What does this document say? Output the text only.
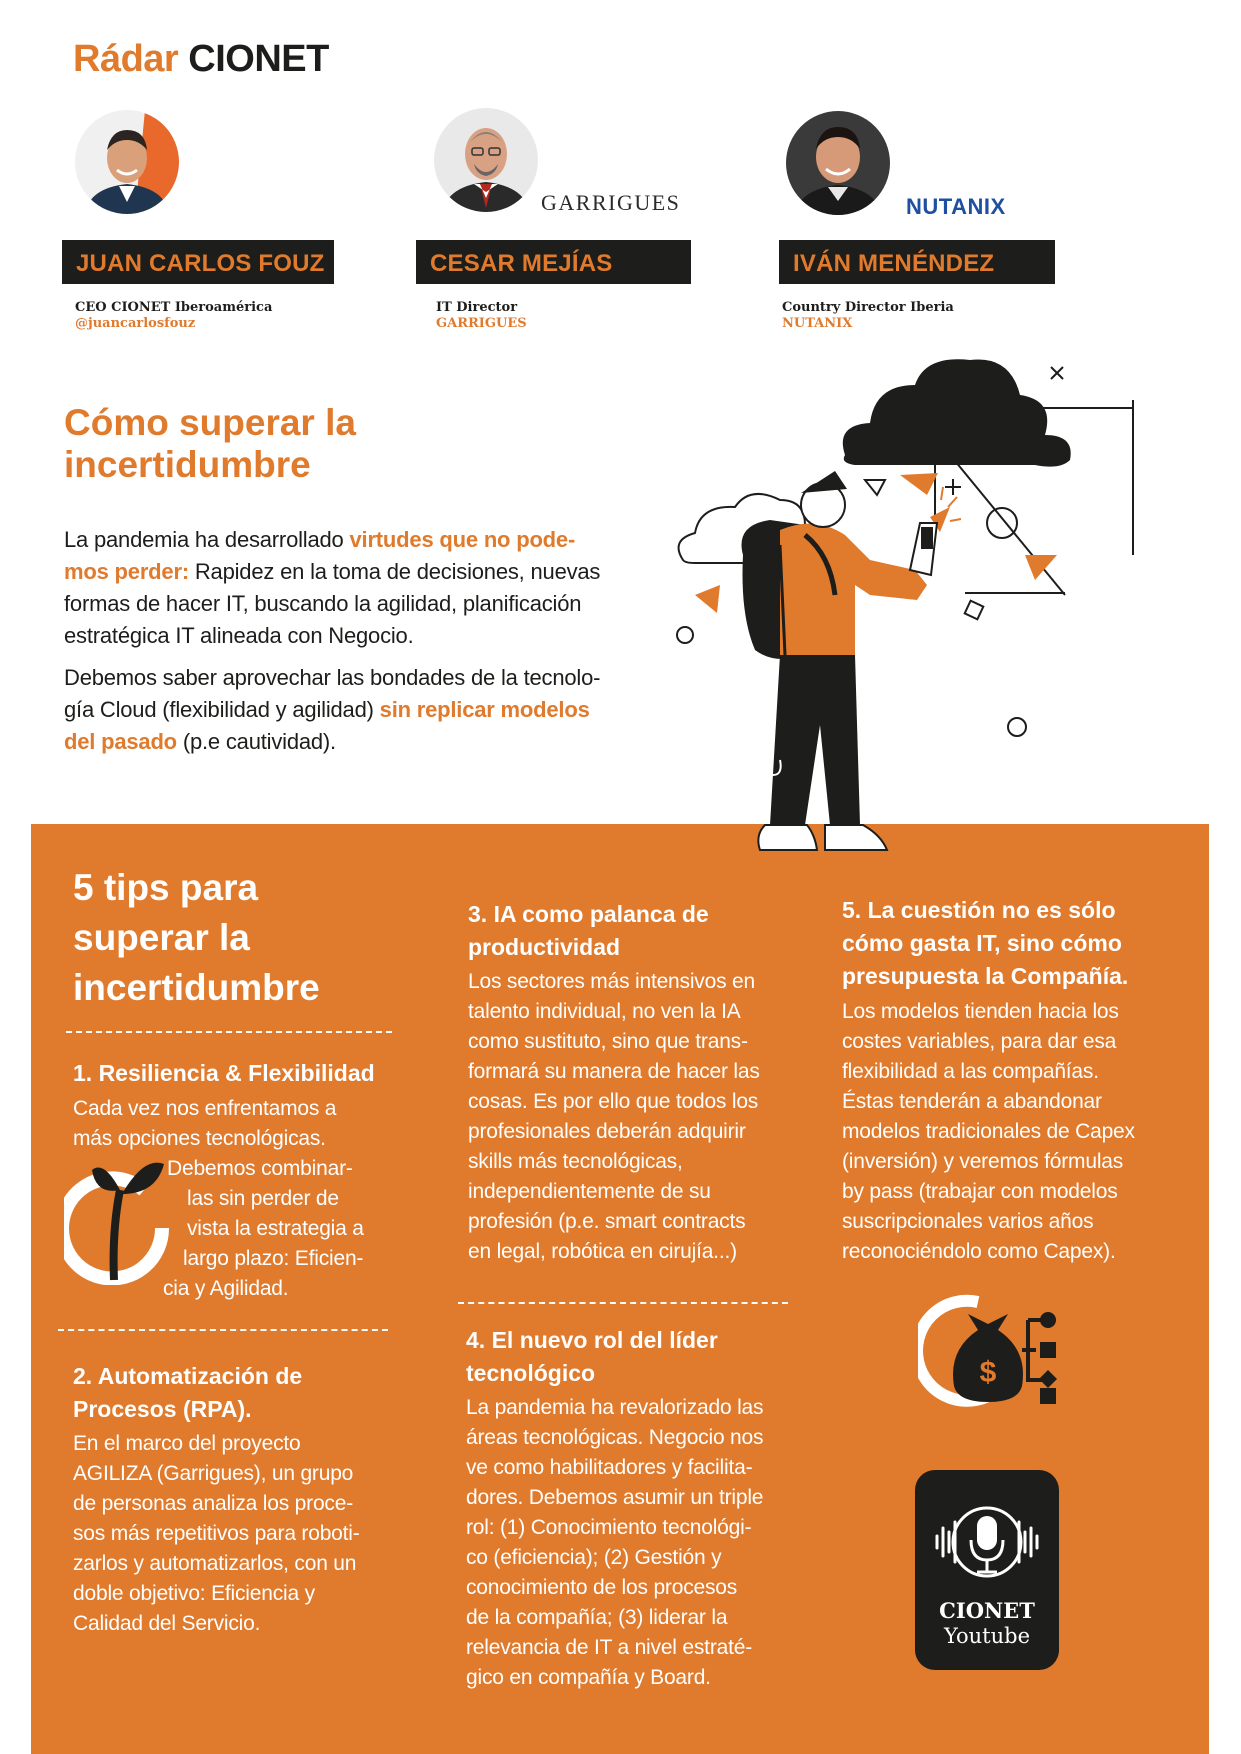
Rádar CIONET
JUAN CARLOS FOUZ
CEO CIONET Iberoamérica
@juancarlosfouz
GARRIGUES
CESAR MEJÍAS
IT Director
GARRIGUES
NUTANIX
IVÁN MENÉNDEZ
Country Director Iberia
NUTANIX
Cómo superar la
incertidumbre
La pandemia ha desarrollado virtudes que no pode-
mos perder: Rapidez en la toma de decisiones, nuevas
formas de hacer IT, buscando la agilidad, planificación
estratégica IT alineada con Negocio.
Debemos saber aprovechar las bondades de la tecnolo-
gía Cloud (flexibilidad y agilidad) sin replicar modelos
del pasado (p.e cautividad).
5 tips para
superar la
incertidumbre
1. Resiliencia & Flexibilidad
Cada vez nos enfrentamos a
más opciones tecnológicas.
Debemos combinar-
las sin perder de
vista la estrategia a
largo plazo: Eficien-
cia y Agilidad.
2. Automatización de
Procesos (RPA).
En el marco del proyecto
AGILIZA (Garrigues), un grupo
de personas analiza los proce-
sos más repetitivos para roboti-
zarlos y automatizarlos, con un
doble objetivo: Eficiencia y
Calidad del Servicio.
3. IA como palanca de
productividad
Los sectores más intensivos en
talento individual, no ven la IA
como sustituto, sino que trans-
formará su manera de hacer las
cosas. Es por ello que todos los
profesionales deberán adquirir
skills más tecnológicas,
independientemente de su
profesión (p.e. smart contracts
en legal, robótica en cirujía...)
4. El nuevo rol del líder
tecnológico
La pandemia ha revalorizado las
áreas tecnológicas. Negocio nos
ve como habilitadores y facilita-
dores. Debemos asumir un triple
rol: (1) Conocimiento tecnológi-
co (eficiencia); (2) Gestión y
conocimiento de los procesos
de la compañía; (3) liderar la
relevancia de IT a nivel estraté-
gico en compañía y Board.
5. La cuestión no es sólo
cómo gasta IT, sino cómo
presupuesta la Compañía.
Los modelos tienden hacia los
costes variables, para dar esa
flexibilidad a las compañías.
Éstas tenderán a abandonar
modelos tradicionales de Capex
(inversión) y veremos fórmulas
by pass (trabajar con modelos
suscripcionales varios años
reconociéndolo como Capex).
$
CIONET
Youtube
